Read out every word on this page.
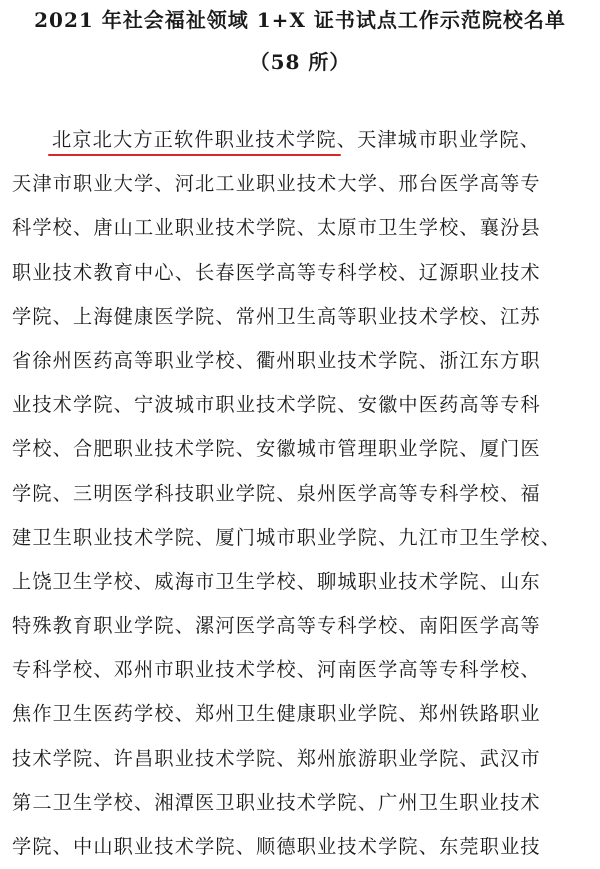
2021 年社会福祉领域 1+X 证书试点工作示范院校名单
（58 所）
北京北大方正软件职业技术学院、天津城市职业学院、
天津市职业大学、河北工业职业技术大学、邢台医学高等专
科学校、唐山工业职业技术学院、太原市卫生学校、襄汾县
职业技术教育中心、长春医学高等专科学校、辽源职业技术
学院、上海健康医学院、常州卫生高等职业技术学校、江苏
省徐州医药高等职业学校、衢州职业技术学院、浙江东方职
业技术学院、宁波城市职业技术学院、安徽中医药高等专科
学校、合肥职业技术学院、安徽城市管理职业学院、厦门医
学院、三明医学科技职业学院、泉州医学高等专科学校、福
建卫生职业技术学院、厦门城市职业学院、九江市卫生学校、
上饶卫生学校、威海市卫生学校、聊城职业技术学院、山东
特殊教育职业学院、漯河医学高等专科学校、南阳医学高等
专科学校、邓州市职业技术学校、河南医学高等专科学校、
焦作卫生医药学校、郑州卫生健康职业学院、郑州铁路职业
技术学院、许昌职业技术学院、郑州旅游职业学院、武汉市
第二卫生学校、湘潭医卫职业技术学院、广州卫生职业技术
学院、中山职业技术学院、顺德职业技术学院、东莞职业技
